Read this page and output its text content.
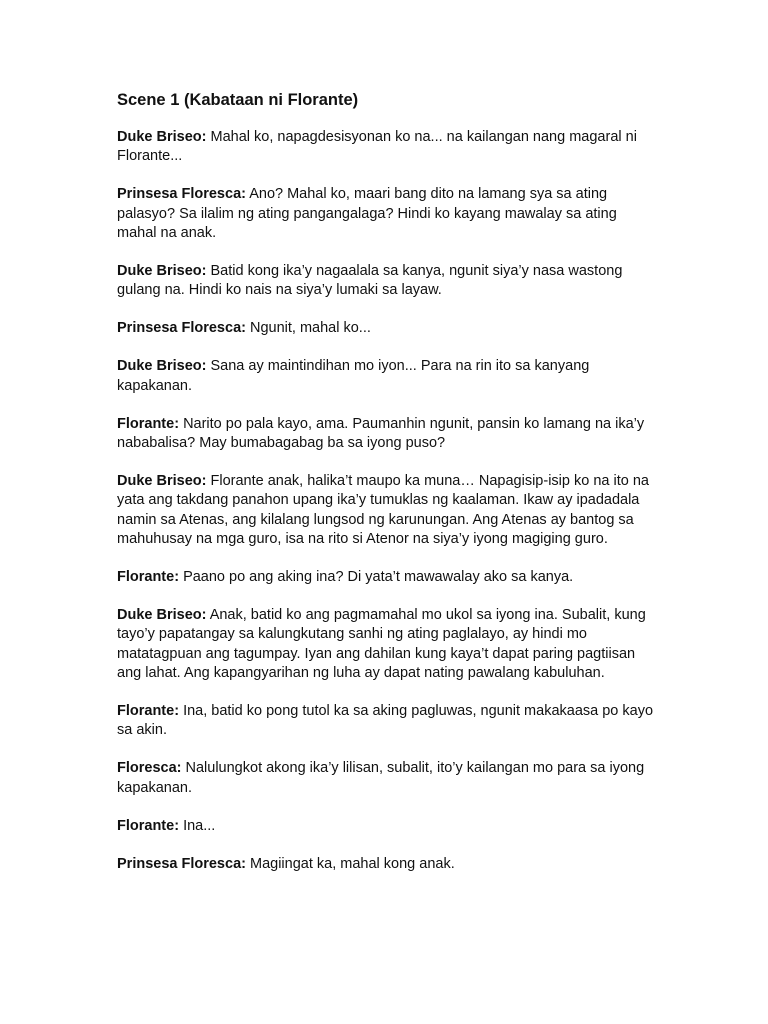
Scene 1 (Kabataan ni Florante)

Duke Briseo: Mahal ko, napagdesisyonan ko na... na kailangan nang magaral ni Florante...

Prinsesa Floresca: Ano? Mahal ko, maari bang dito na lamang sya sa ating palasyo? Sa ilalim ng ating pangangalaga? Hindi ko kayang mawalay sa ating mahal na anak.

Duke Briseo: Batid kong ika’y nagaalala sa kanya, ngunit siya’y nasa wastong gulang na. Hindi ko nais na siya’y lumaki sa layaw.

Prinsesa Floresca: Ngunit, mahal ko...

Duke Briseo: Sana ay maintindihan mo iyon... Para na rin ito sa kanyang kapakanan.

Florante: Narito po pala kayo, ama. Paumanhin ngunit, pansin ko lamang na ika’y nababalisa? May bumabagabag ba sa iyong puso?

Duke Briseo: Florante anak, halika’t maupo ka muna… Napagisip-isip ko na ito na yata ang takdang panahon upang ika’y tumuklas ng kaalaman. Ikaw ay ipadadala namin sa Atenas, ang kilalang lungsod ng karunungan. Ang Atenas ay bantog sa mahuhusay na mga guro, isa na rito si Atenor na siya’y iyong magiging guro.

Florante: Paano po ang aking ina? Di yata’t mawawalay ako sa kanya.

Duke Briseo: Anak, batid ko ang pagmamahal mo ukol sa iyong ina. Subalit, kung tayo’y papatangay sa kalungkutang sanhi ng ating paglalayo, ay hindi mo matatagpuan ang tagumpay. Iyan ang dahilan kung kaya’t dapat paring pagtiisan ang lahat. Ang kapangyarihan ng luha ay dapat nating pawalang kabuluhan.

Florante: Ina, batid ko pong tutol ka sa aking pagluwas, ngunit makakaasa po kayo sa akin.

Floresca: Nalulungkot akong ika’y lilisan, subalit, ito’y kailangan mo para sa iyong kapakanan.

Florante: Ina...

Prinsesa Floresca: Magiingat ka, mahal kong anak.
